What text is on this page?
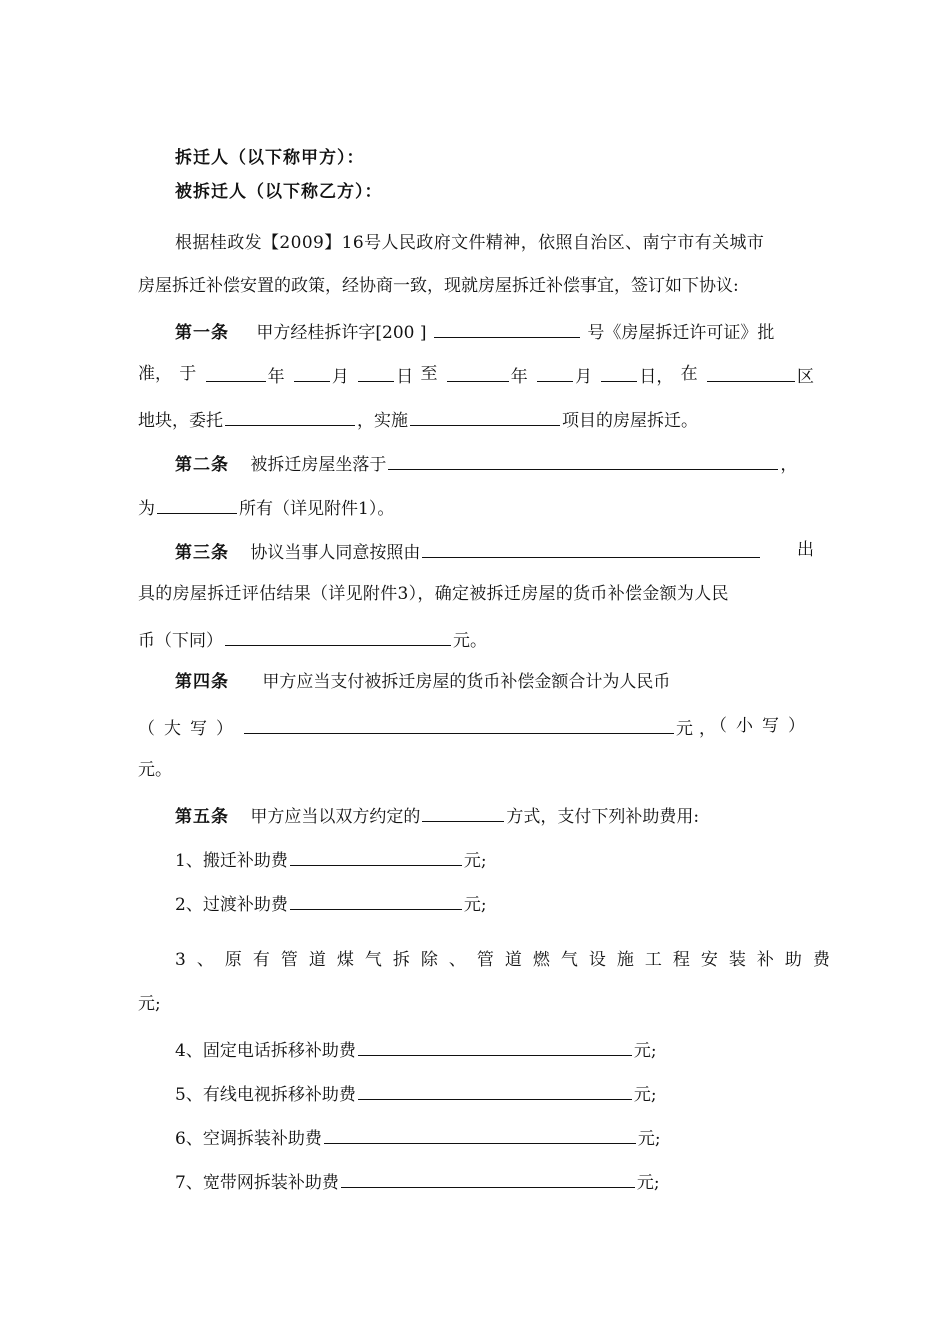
拆迁人（以下称甲方）：
被拆迁人（以下称乙方）：
根据桂政发【2009】16号人民政府文件精神，依照自治区、南宁市有关城市
房屋拆迁补偿安置的政策，经协商一致，现就房屋拆迁补偿事宜，签订如下协议:
第一条 甲方经桂拆许字[200 ]	号《房屋拆迁许可证》批
准， 于	年	月	日 至	年	月	日， 在	区
地块，委托	，实施	项目的房屋拆迁。
第二条 被拆迁房屋坐落于	，
为	所有（详见附件1）。
第三条 协议当事人同意按照由	出
具的房屋拆迁评估结果（详见附件3），确定被拆迁房屋的货币补偿金额为人民
币（下同）	元。
第四条 甲方应当支付被拆迁房屋的货币补偿金额合计为人民币
（大写）	元，
（小写）
元。
第五条 甲方应当以双方约定的	方式，支付下列补助费用:
1、搬迁补助费	元;
2、过渡补助费	元;
3、原有管道煤气拆除、管道燃气设施工程安装补助费
元;
4、固定电话拆移补助费	元;
5、有线电视拆移补助费	元;
6、空调拆装补助费	元;
7、宽带网拆装补助费	元;
